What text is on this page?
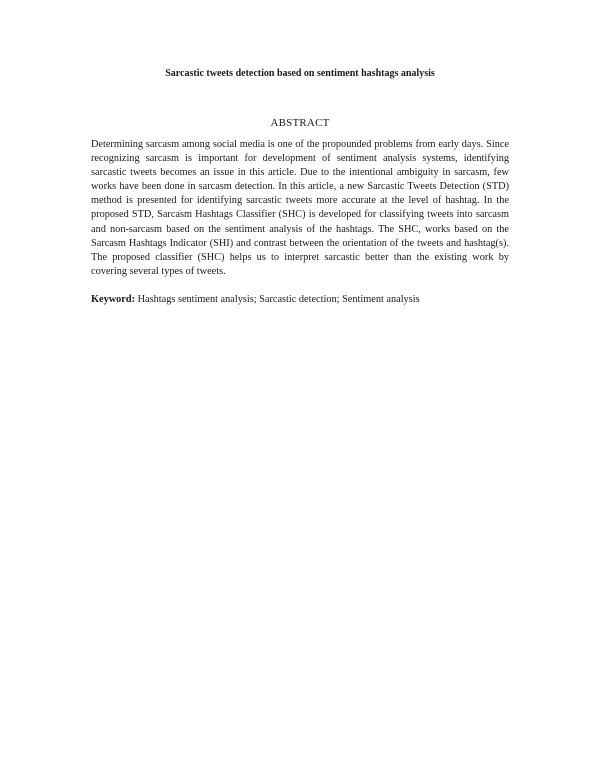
Sarcastic tweets detection based on sentiment hashtags analysis
ABSTRACT

Determining sarcasm among social media is one of the propounded problems from early days. Since recognizing sarcasm is important for development of sentiment analysis systems, identifying sarcastic tweets becomes an issue in this article. Due to the intentional ambiguity in sarcasm, few works have been done in sarcasm detection. In this article, a new Sarcastic Tweets Detection (STD) method is presented for identifying sarcastic tweets more accurate at the level of hashtag. In the proposed STD, Sarcasm Hashtags Classifier (SHC) is developed for classifying tweets into sarcasm and non-sarcasm based on the sentiment analysis of the hashtags. The SHC, works based on the Sarcasm Hashtags Indicator (SHI) and contrast between the orientation of the tweets and hashtag(s). The proposed classifier (SHC) helps us to interpret sarcastic better than the existing work by covering several types of tweets.

Keyword: Hashtags sentiment analysis; Sarcastic detection; Sentiment analysis
